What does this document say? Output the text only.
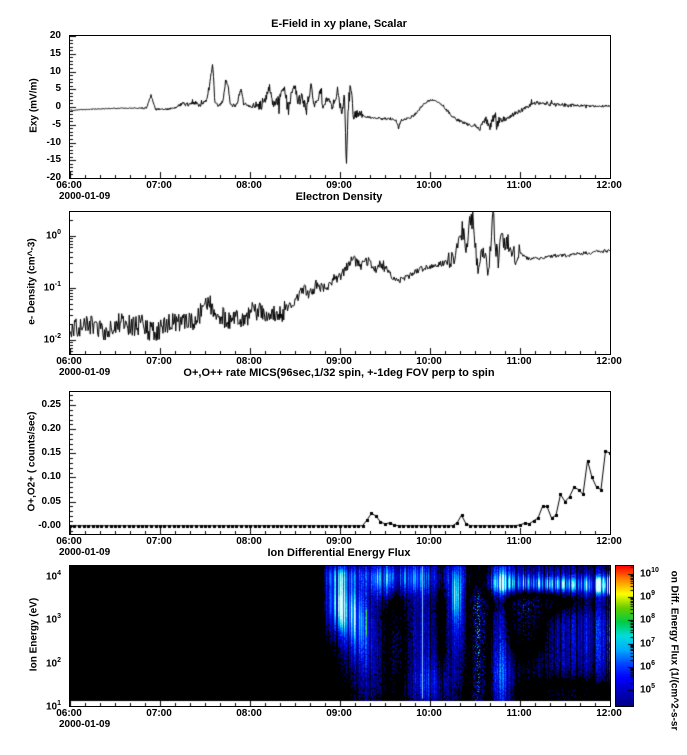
E-Field in xy plane, Scalar
Exy (mV/m)
2000-01-09	Electron Density
e- Density (cm^-3)
2000-01-09	O+,O++ rate MICS(96sec,1/32 spin, +-1deg FOV perp to spin
O+,O2+ ( counts/sec)
2000-01-09	Ion Differential Energy Flux
Ion Energy (eV)
2000-01-09	on Diff. Energy Flux (1/(cm^2-s-sr
20
15
10
5
0
-5
-10
-15
-20
06:00	07:00	08:00	09:00	10:00	11:00	12:00
$10^0$
$10^{-1}$
$10^{-2}$
06:00	07:00	08:00	09:00	10:00	11:00	12:00
0.25
0.20
0.15
0.10
0.05
-0.00
06:00	07:00	08:00	09:00	10:00	11:00	12:00
$10^4$
$10^3$
$10^2$
$10^1$
06:00	07:00	08:00	09:00	10:00	11:00	12:00
$10^{10}$
$10^9$
$10^8$
$10^7$
$10^6$
$10^5$
